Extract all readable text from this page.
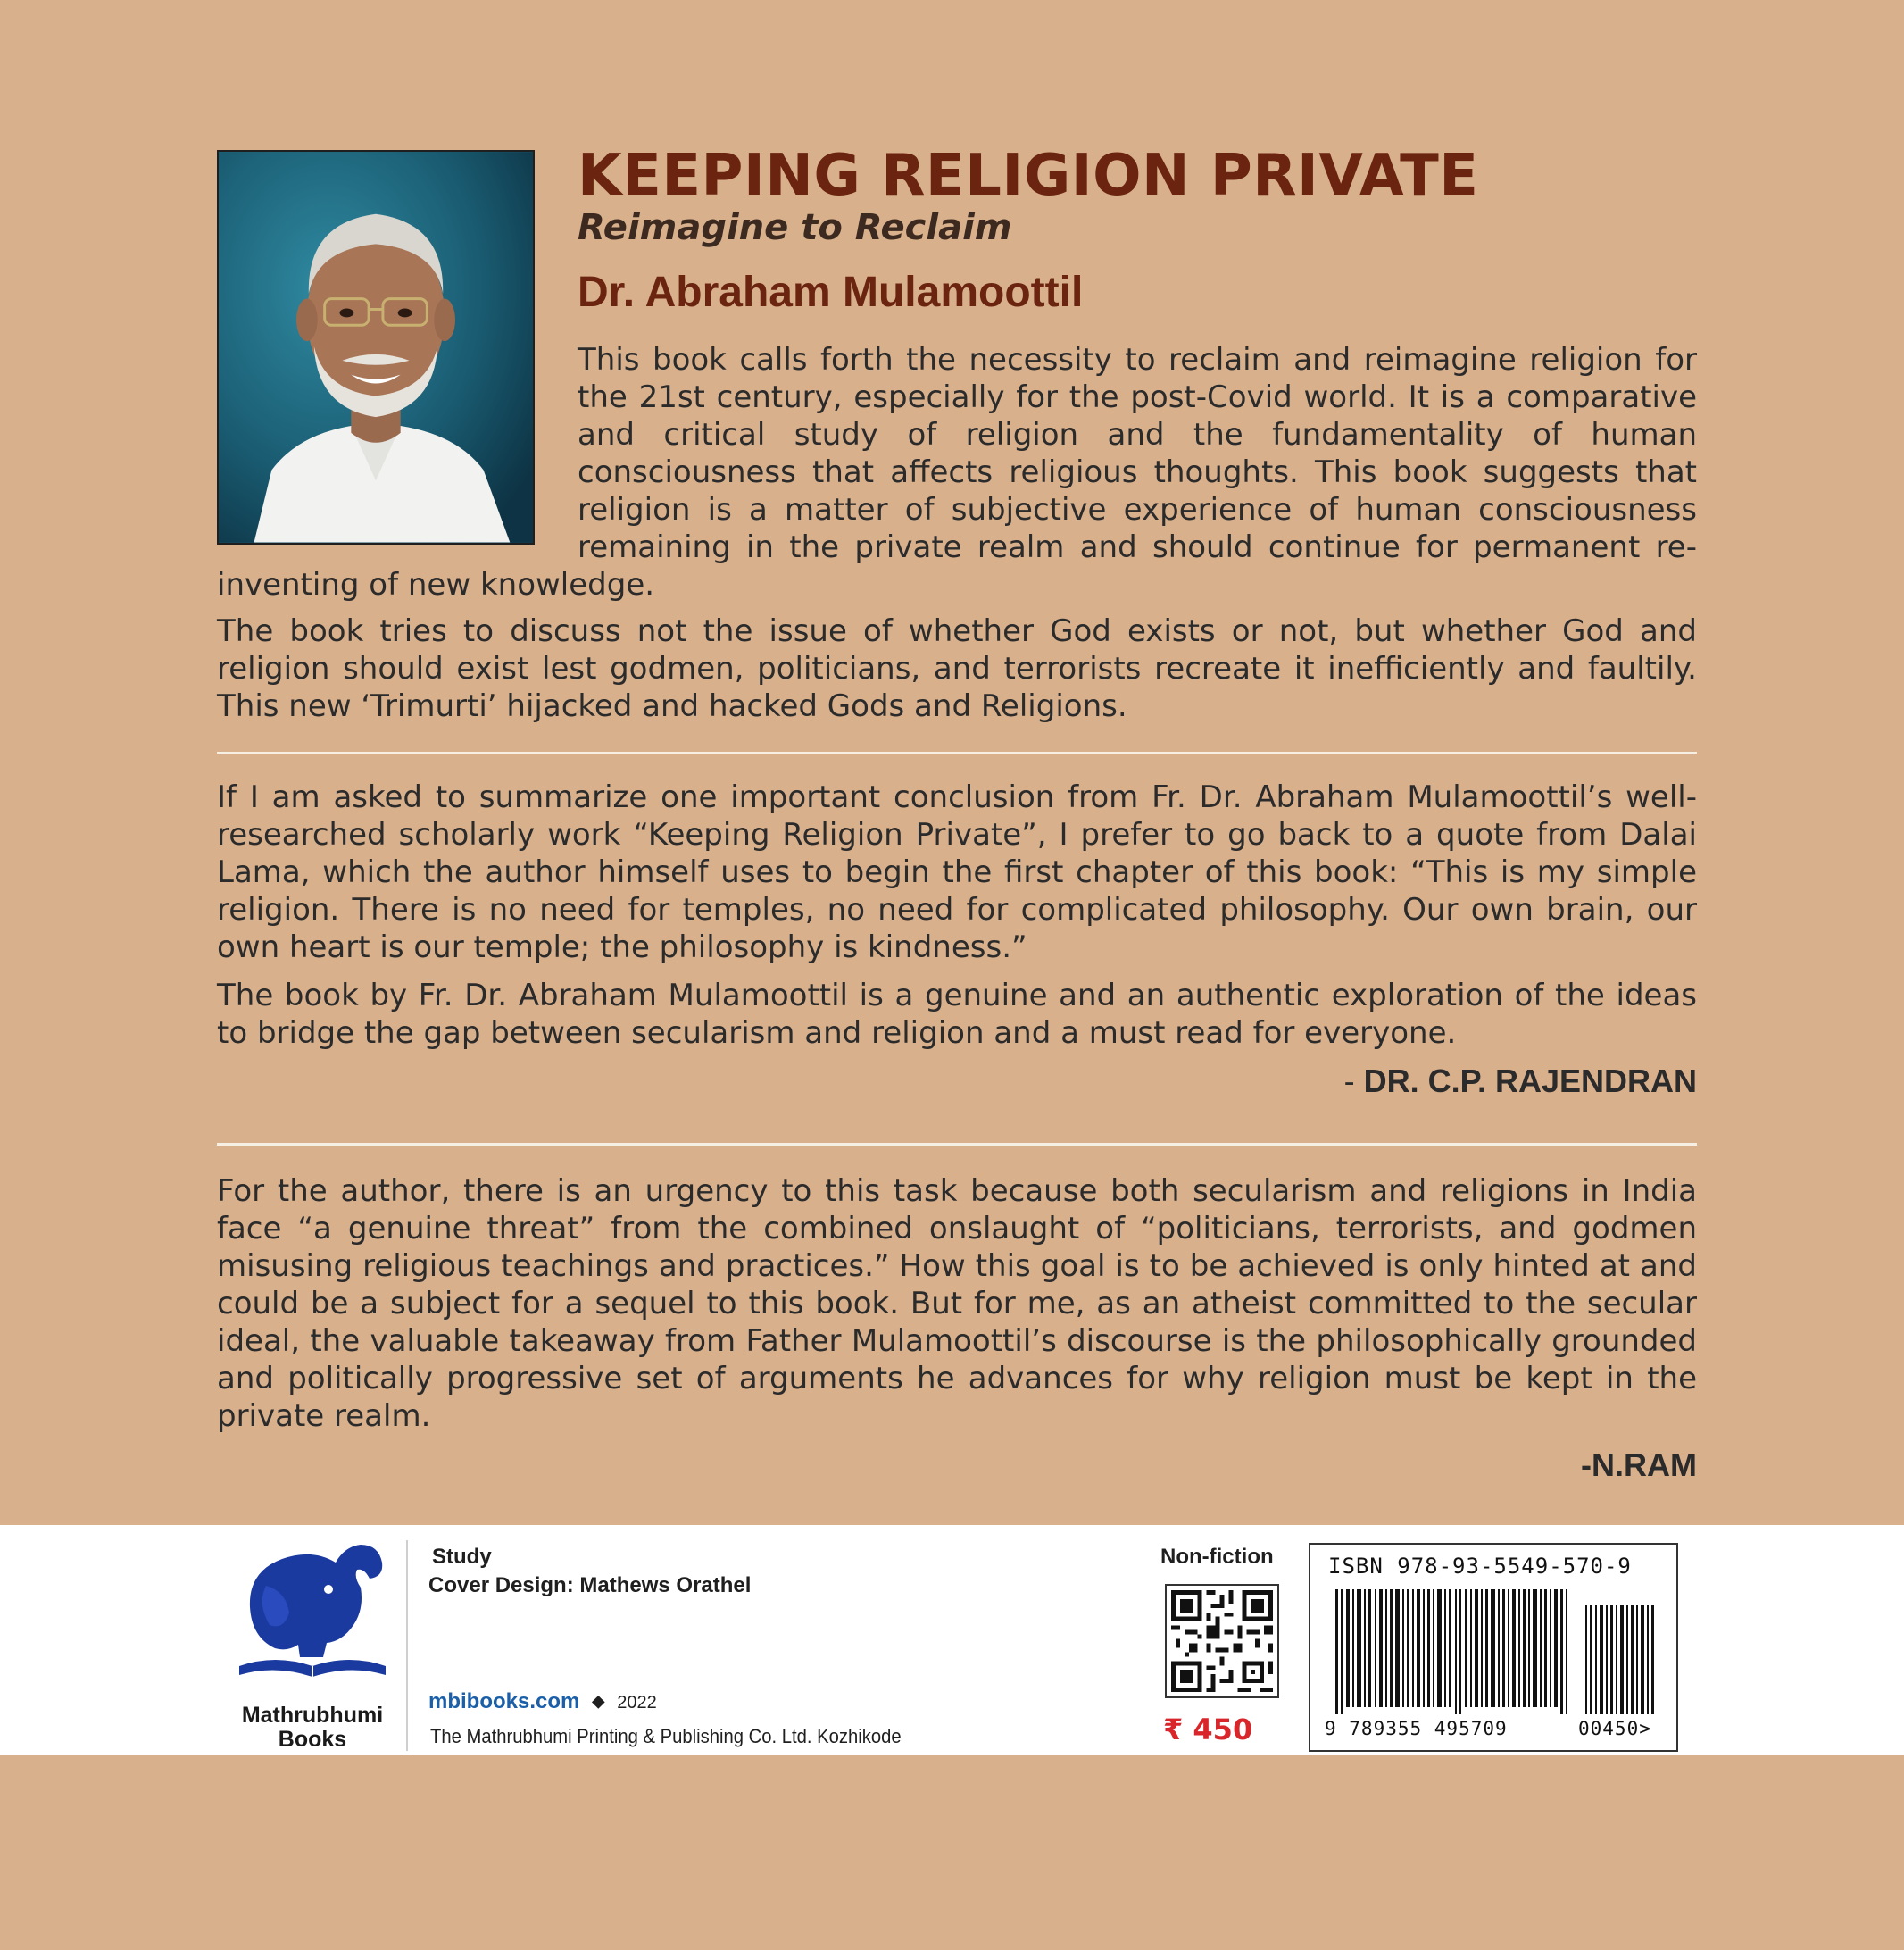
KEEPING RELIGION PRIVATE
Reimagine to Reclaim
Dr. Abraham Mulamoottil

This book calls forth the necessity to reclaim and reimagine religion for the 21st century, especially for the post-Covid world. It is a comparative and critical study of religion and the fundamentality of human consciousness that affects religious thoughts. This book suggests that religion is a matter of subjective experience of human consciousness remaining in the private realm and should continue for permanent re-inventing of new knowledge.

The book tries to discuss not the issue of whether God exists or not, but whether God and religion should exist lest godmen, politicians, and terrorists recreate it inefficiently and faultily. This new ‘Trimurti’ hijacked and hacked Gods and Religions.

If I am asked to summarize one important conclusion from Fr. Dr. Abraham Mulamoottil’s well-researched scholarly work “Keeping Religion Private”, I prefer to go back to a quote from Dalai Lama, which the author himself uses to begin the first chapter of this book: “This is my simple religion. There is no need for temples, no need for complicated philosophy. Our own brain, our own heart is our temple; the philosophy is kindness.”

The book by Fr. Dr. Abraham Mulamoottil is a genuine and an authentic exploration of the ideas to bridge the gap between secularism and religion and a must read for everyone.

- DR. C.P. RAJENDRAN

For the author, there is an urgency to this task because both secularism and religions in India face “a genuine threat” from the combined onslaught of “politicians, terrorists, and godmen misusing religious teachings and practices.” How this goal is to be achieved is only hinted at and could be a subject for a sequel to this book. But for me, as an atheist committed to the secular ideal, the valuable takeaway from Father Mulamoottil’s discourse is the philosophically grounded and politically progressive set of arguments he advances for why religion must be kept in the private realm.

-N.RAM

Mathrubhumi
Books

Study

Cover Design: Mathews Orathel

mbibooks.com ◆ 2022

The Mathrubhumi Printing & Publishing Co. Ltd. Kozhikode

Non-fiction

₹ 450

ISBN 978-93-5549-570-9

9 789355 495709	00450>
